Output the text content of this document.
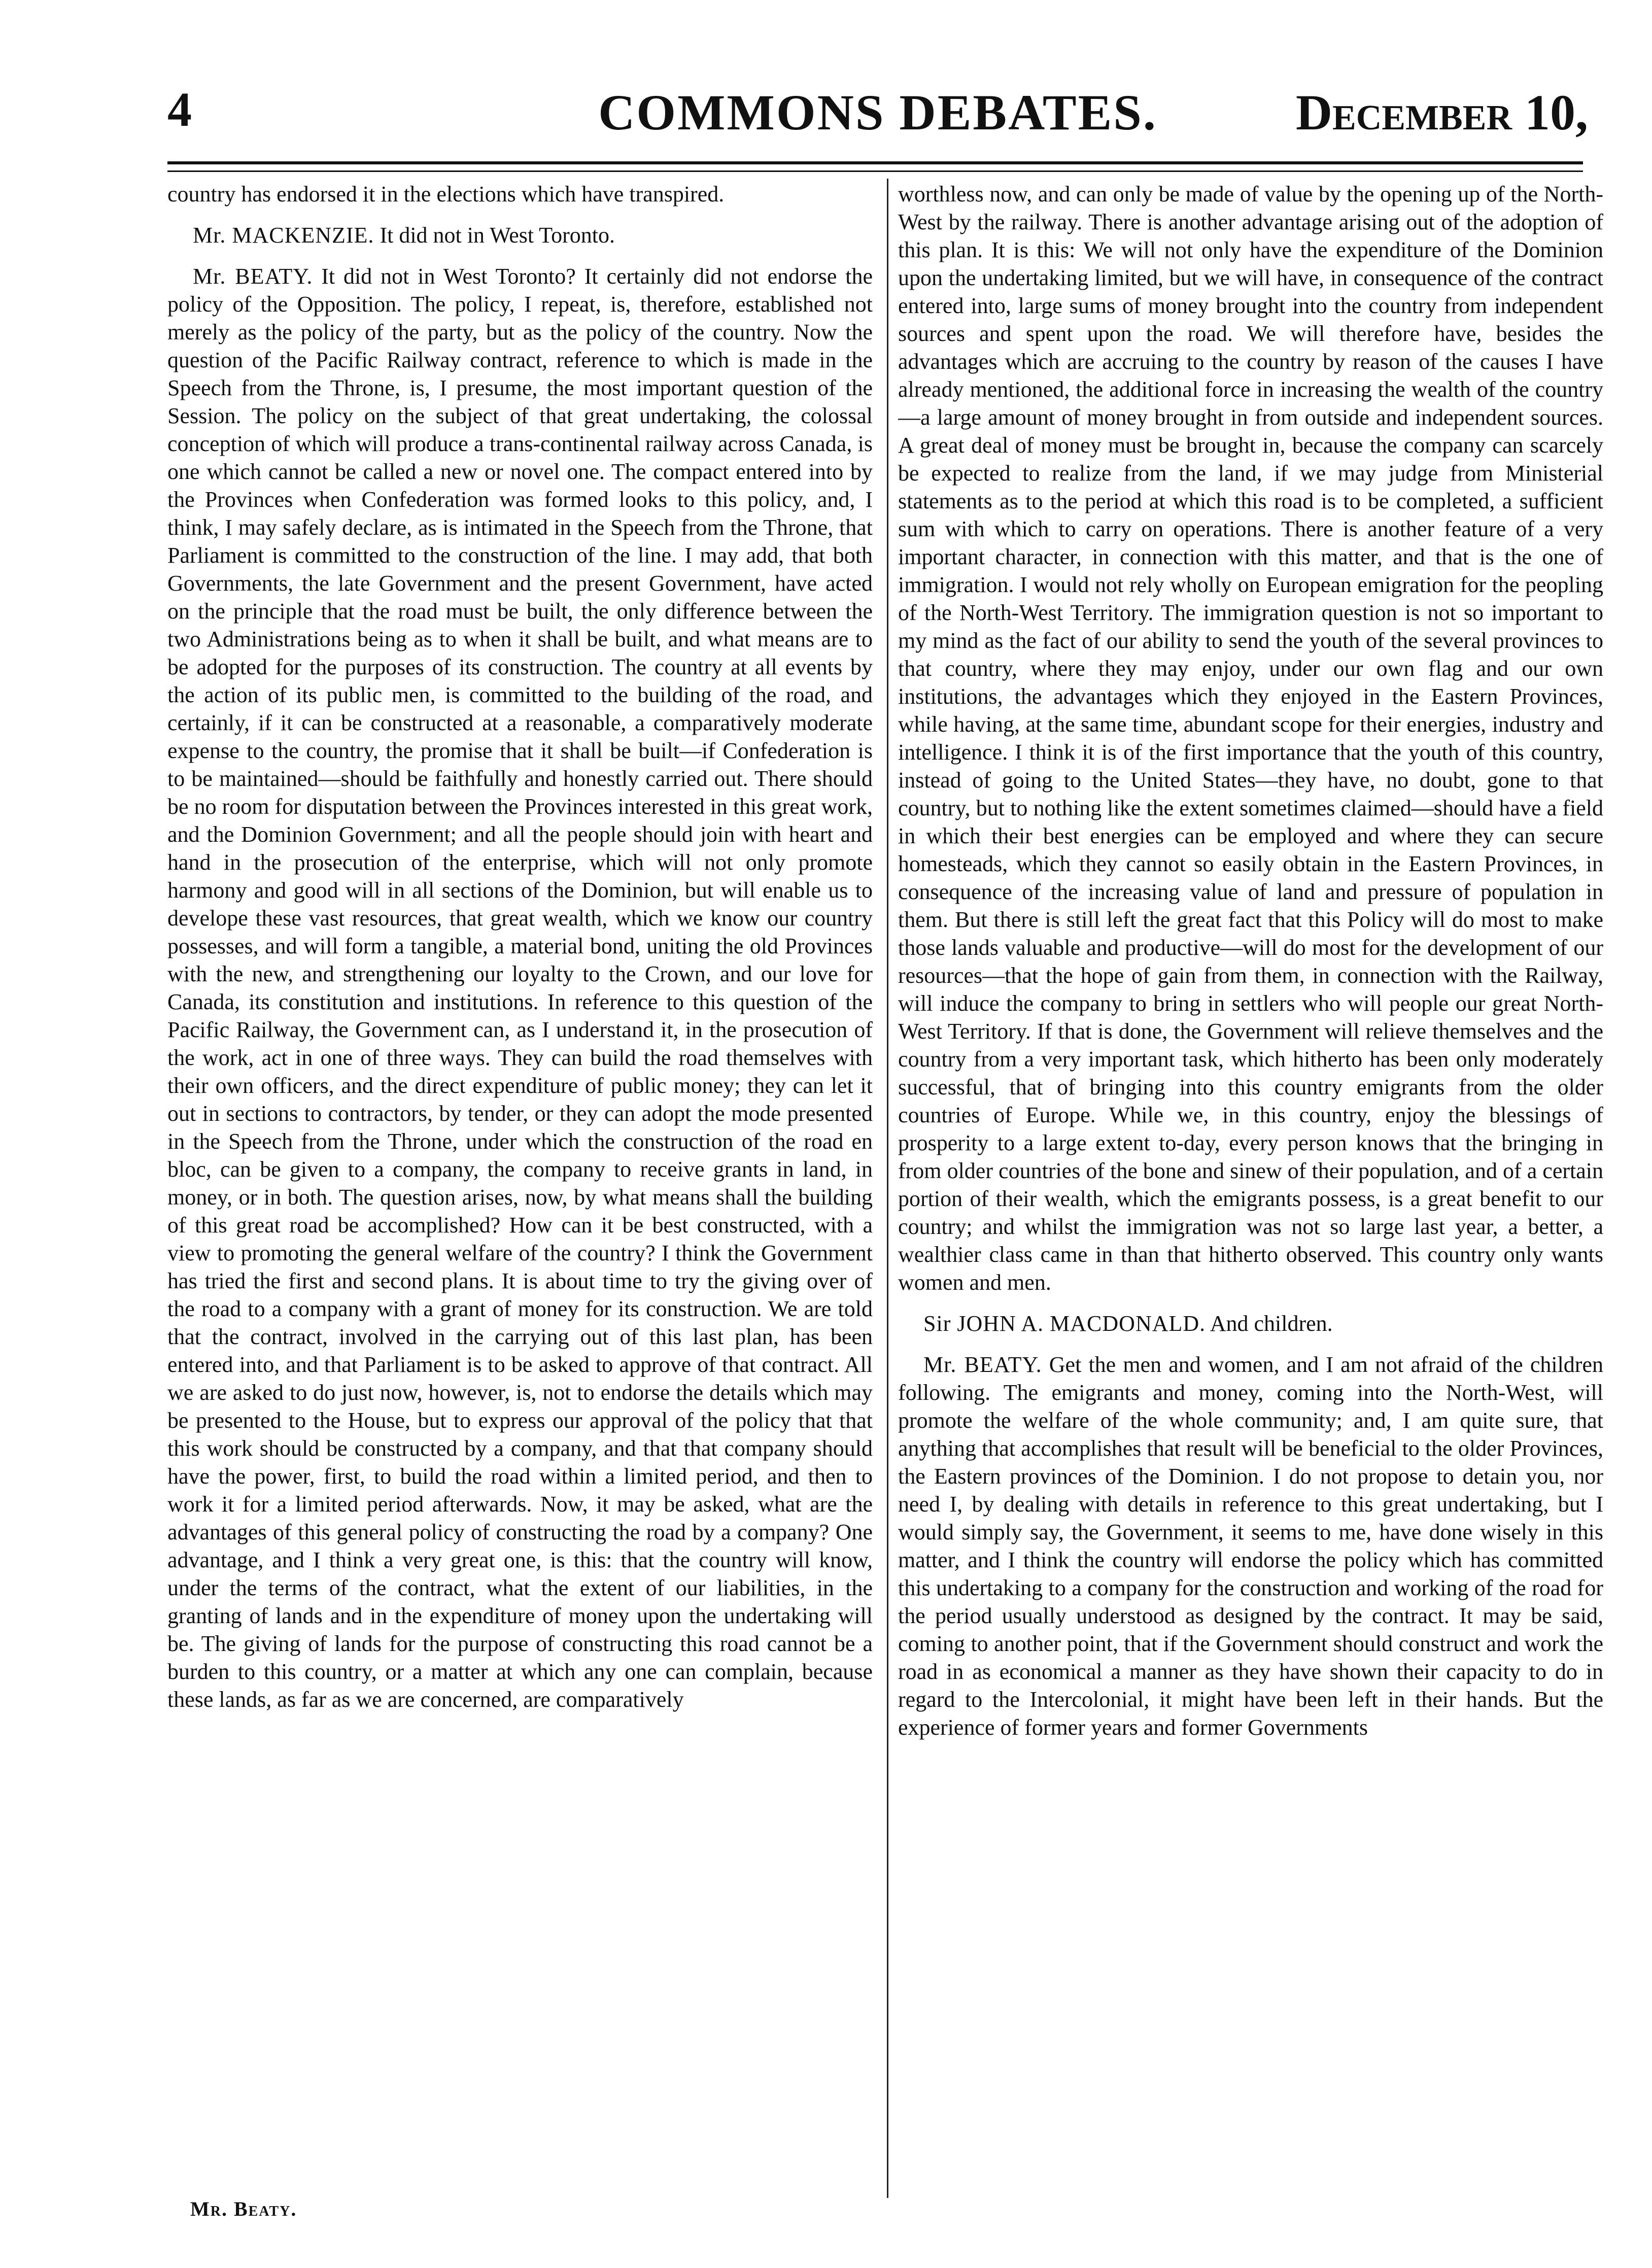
4	COMMONS DEBATES.	December 10,

country has endorsed it in the elections which have transpired.

Mr. MACKENZIE. It did not in West Toronto.

Mr. BEATY. It did not in West Toronto? It certainly did not endorse the policy of the Opposition. The policy, I repeat, is, therefore, established not merely as the policy of the party, but as the policy of the country. Now the question of the Pacific Railway contract, reference to which is made in the Speech from the Throne, is, I presume, the most important question of the Session. The policy on the subject of that great undertaking, the colossal conception of which will produce a trans-continental railway across Canada, is one which cannot be called a new or novel one. The compact entered into by the Provinces when Confederation was formed looks to this policy, and, I think, I may safely declare, as is intimated in the Speech from the Throne, that Parliament is committed to the construction of the line. I may add, that both Governments, the late Government and the present Government, have acted on the principle that the road must be built, the only difference between the two Administrations being as to when it shall be built, and what means are to be adopted for the purposes of its construction. The country at all events by the action of its public men, is committed to the building of the road, and certainly, if it can be constructed at a reasonable, a comparatively moderate expense to the country, the promise that it shall be built—if Confederation is to be maintained—should be faithfully and honestly carried out. There should be no room for disputation between the Provinces interested in this great work, and the Dominion Government; and all the people should join with heart and hand in the prosecution of the enterprise, which will not only promote harmony and good will in all sections of the Dominion, but will enable us to develope these vast resources, that great wealth, which we know our country possesses, and will form a tangible, a material bond, uniting the old Provinces with the new, and strengthening our loyalty to the Crown, and our love for Canada, its constitution and institutions. In reference to this question of the Pacific Railway, the Government can, as I understand it, in the prosecution of the work, act in one of three ways. They can build the road themselves with their own officers, and the direct expenditure of public money; they can let it out in sections to contractors, by tender, or they can adopt the mode presented in the Speech from the Throne, under which the construction of the road en bloc, can be given to a company, the company to receive grants in land, in money, or in both. The question arises, now, by what means shall the building of this great road be accomplished? How can it be best constructed, with a view to promoting the general welfare of the country? I think the Government has tried the first and second plans. It is about time to try the giving over of the road to a company with a grant of money for its construction. We are told that the contract, involved in the carrying out of this last plan, has been entered into, and that Parliament is to be asked to approve of that contract. All we are asked to do just now, however, is, not to endorse the details which may be presented to the House, but to express our approval of the policy that that this work should be constructed by a company, and that that company should have the power, first, to build the road within a limited period, and then to work it for a limited period afterwards. Now, it may be asked, what are the advantages of this general policy of constructing the road by a company? One advantage, and I think a very great one, is this: that the country will know, under the terms of the contract, what the extent of our liabilities, in the granting of lands and in the expenditure of money upon the undertaking will be. The giving of lands for the purpose of constructing this road cannot be a burden to this country, or a matter at which any one can complain, because these lands, as far as we are concerned, are comparatively

worthless now, and can only be made of value by the opening up of the North-West by the railway. There is another advantage arising out of the adoption of this plan. It is this: We will not only have the expenditure of the Dominion upon the undertaking limited, but we will have, in consequence of the contract entered into, large sums of money brought into the country from independent sources and spent upon the road. We will therefore have, besides the advantages which are accruing to the country by reason of the causes I have already mentioned, the additional force in increasing the wealth of the country—a large amount of money brought in from outside and independent sources. A great deal of money must be brought in, because the company can scarcely be expected to realize from the land, if we may judge from Ministerial statements as to the period at which this road is to be completed, a sufficient sum with which to carry on operations. There is another feature of a very important character, in connection with this matter, and that is the one of immigration. I would not rely wholly on European emigration for the peopling of the North-West Territory. The immigration question is not so important to my mind as the fact of our ability to send the youth of the several provinces to that country, where they may enjoy, under our own flag and our own institutions, the advantages which they enjoyed in the Eastern Provinces, while having, at the same time, abundant scope for their energies, industry and intelligence. I think it is of the first importance that the youth of this country, instead of going to the United States—they have, no doubt, gone to that country, but to nothing like the extent sometimes claimed—should have a field in which their best energies can be employed and where they can secure homesteads, which they cannot so easily obtain in the Eastern Provinces, in consequence of the increasing value of land and pressure of population in them. But there is still left the great fact that this Policy will do most to make those lands valuable and productive—will do most for the development of our resources—that the hope of gain from them, in connection with the Railway, will induce the company to bring in settlers who will people our great North-West Territory. If that is done, the Government will relieve themselves and the country from a very important task, which hitherto has been only moderately successful, that of bringing into this country emigrants from the older countries of Europe. While we, in this country, enjoy the blessings of prosperity to a large extent to-day, every person knows that the bringing in from older countries of the bone and sinew of their population, and of a certain portion of their wealth, which the emigrants possess, is a great benefit to our country; and whilst the immigration was not so large last year, a better, a wealthier class came in than that hitherto observed. This country only wants women and men.

Sir JOHN A. MACDONALD. And children.

Mr. BEATY. Get the men and women, and I am not afraid of the children following. The emigrants and money, coming into the North-West, will promote the welfare of the whole community; and, I am quite sure, that anything that accomplishes that result will be beneficial to the older Provinces, the Eastern provinces of the Dominion. I do not propose to detain you, nor need I, by dealing with details in reference to this great undertaking, but I would simply say, the Government, it seems to me, have done wisely in this matter, and I think the country will endorse the policy which has committed this undertaking to a company for the construction and working of the road for the period usually understood as designed by the contract. It may be said, coming to another point, that if the Government should construct and work the road in as economical a manner as they have shown their capacity to do in regard to the Intercolonial, it might have been left in their hands. But the experience of former years and former Governments

Mr. Beaty.
